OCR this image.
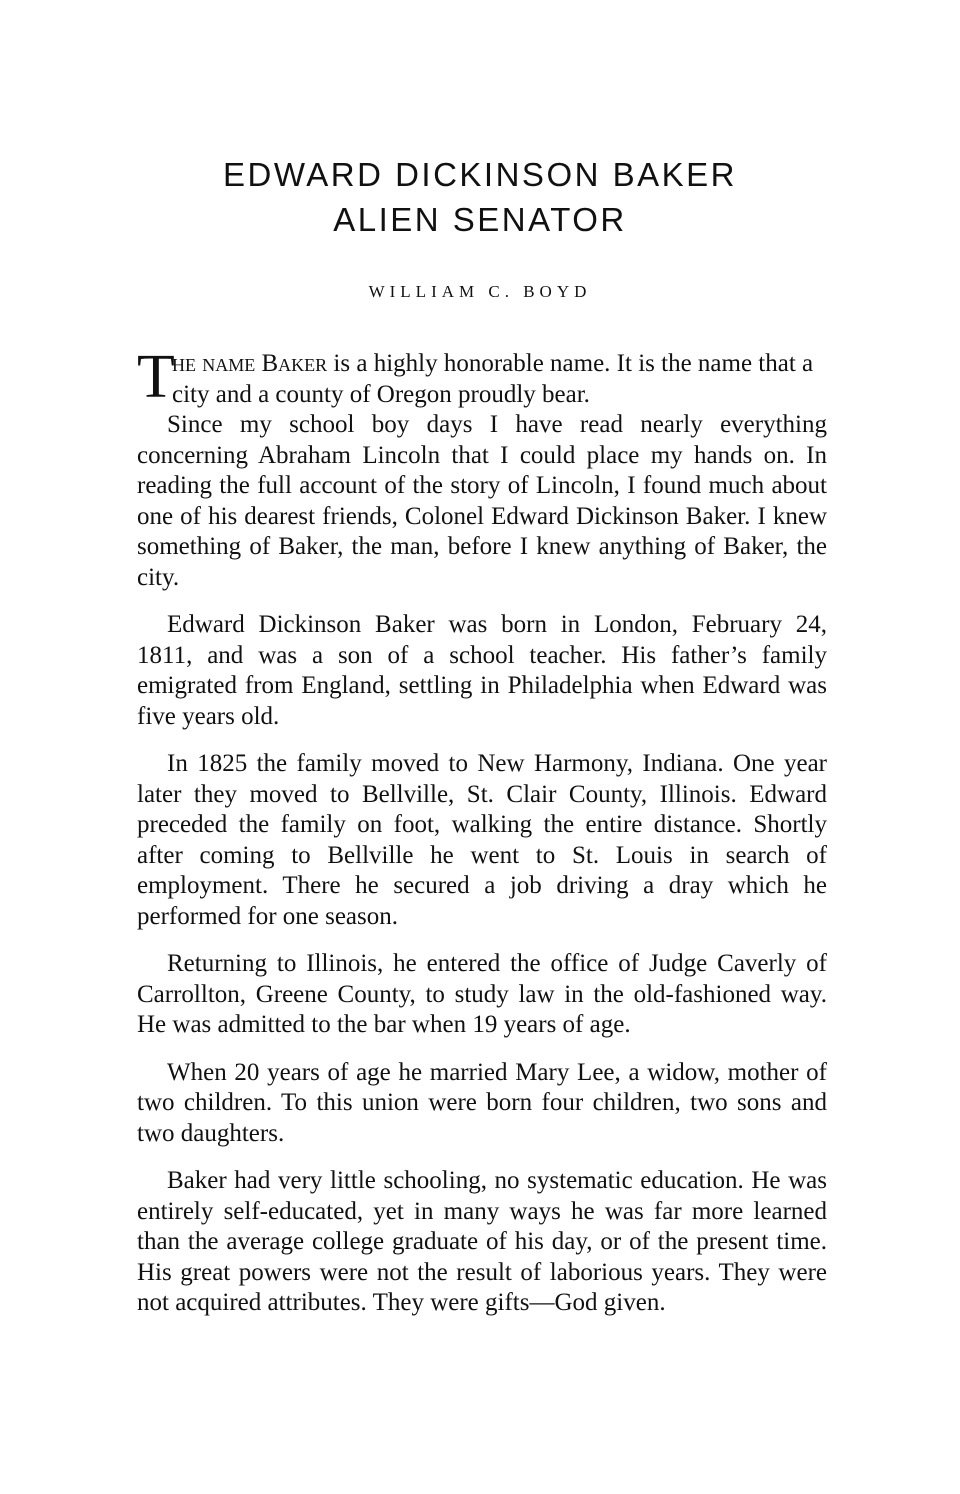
EDWARD DICKINSON BAKER
ALIEN SENATOR

WILLIAM C. BOYD

T
he name Baker is a highly honorable name. It is the name that a city and a county of Oregon proudly bear.

Since my school boy days I have read nearly everything concerning Abraham Lincoln that I could place my hands on. In reading the full account of the story of Lincoln, I found much about one of his dearest friends, Colonel Edward Dickinson Baker. I knew something of Baker, the man, before I knew anything of Baker, the city.

Edward Dickinson Baker was born in London, February 24, 1811, and was a son of a school teacher. His father’s family emigrated from England, settling in Philadelphia when Edward was five years old.

In 1825 the family moved to New Harmony, Indiana. One year later they moved to Bellville, St. Clair County, Illinois. Edward preceded the family on foot, walking the entire distance. Shortly after coming to Bellville he went to St. Louis in search of employment. There he secured a job driving a dray which he performed for one season.

Returning to Illinois, he entered the office of Judge Caverly of Carrollton, Greene County, to study law in the old-fashioned way. He was admitted to the bar when 19 years of age.

When 20 years of age he married Mary Lee, a widow, mother of two children. To this union were born four children, two sons and two daughters.

Baker had very little schooling, no systematic education. He was entirely self-educated, yet in many ways he was far more learned than the average college graduate of his day, or of the present time. His great powers were not the result of laborious years. They were not acquired attributes. They were gifts—God given.
